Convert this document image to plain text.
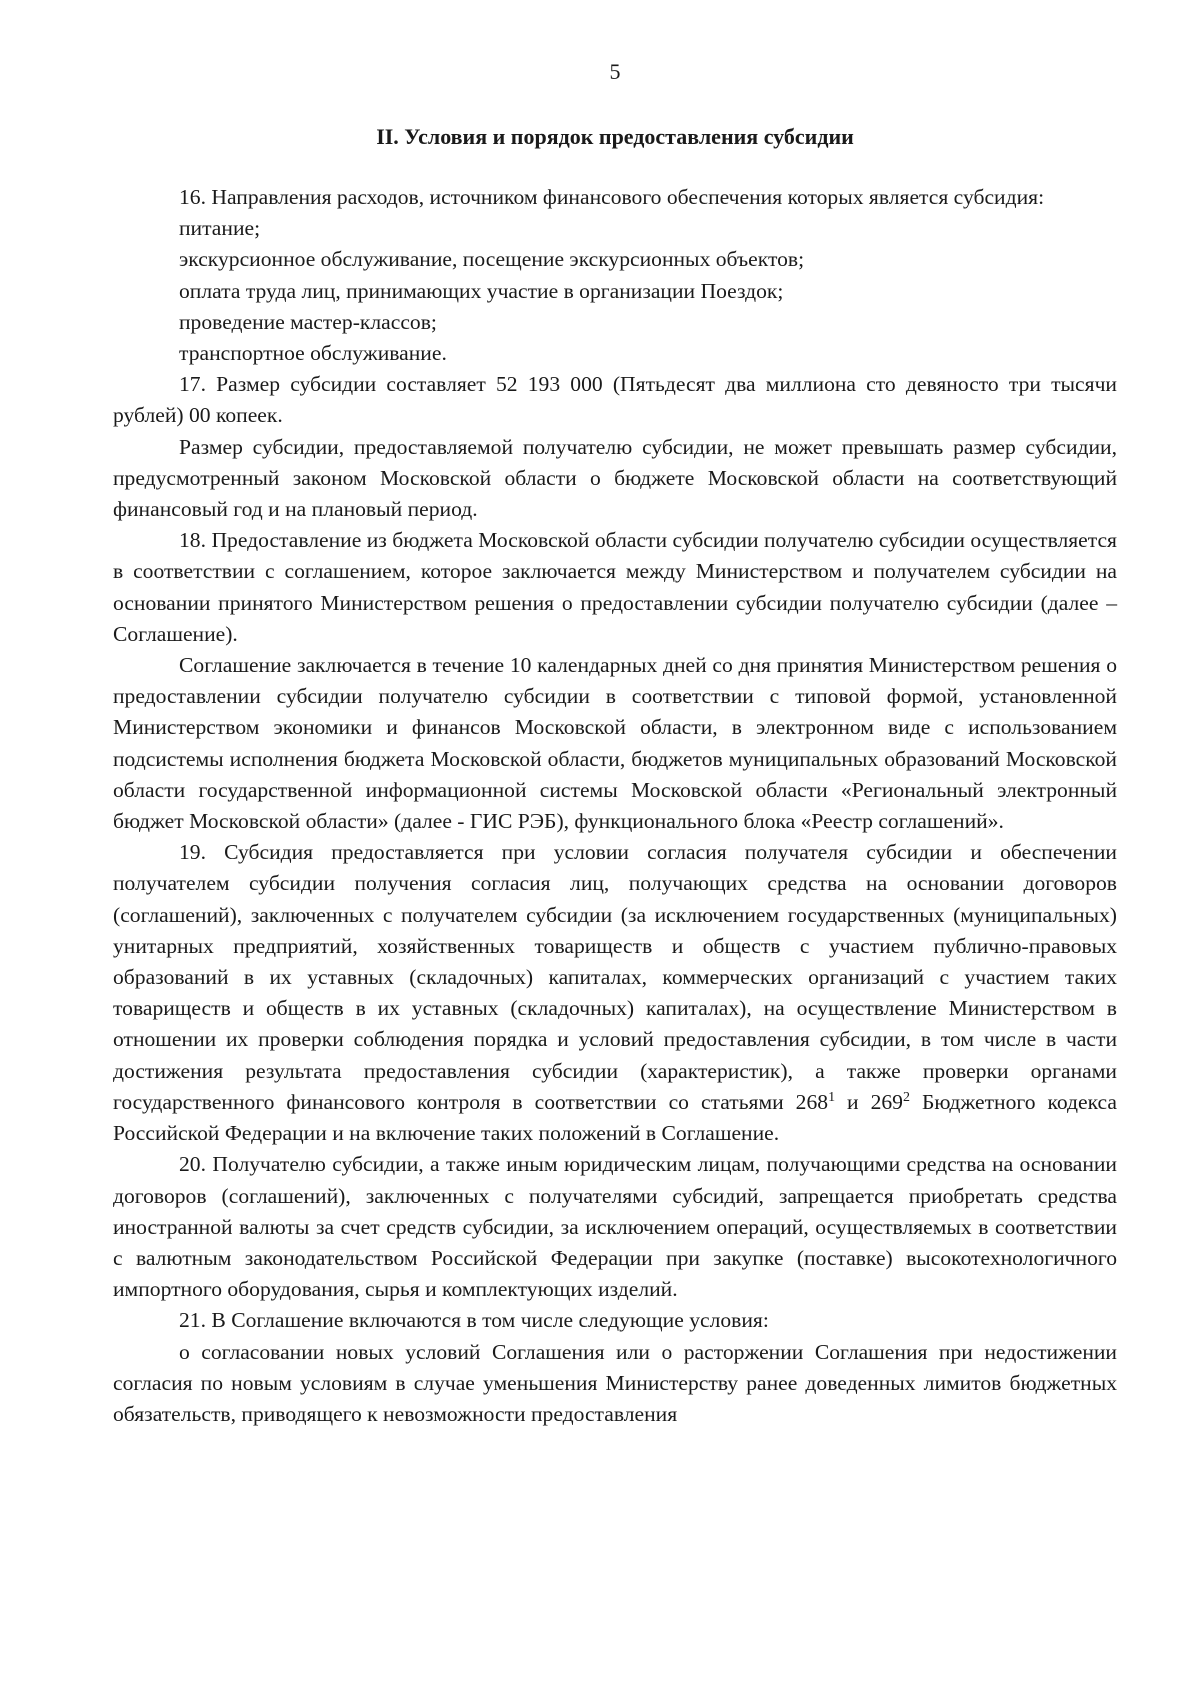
5
II. Условия и порядок предоставления субсидии

16. Направления расходов, источником финансового обеспечения которых является субсидия:

питание;

экскурсионное обслуживание, посещение экскурсионных объектов;

оплата труда лиц, принимающих участие в организации Поездок;

проведение мастер-классов;

транспортное обслуживание.

17. Размер субсидии составляет 52 193 000 (Пятьдесят два миллиона сто девяносто три тысячи рублей) 00 копеек.

Размер субсидии, предоставляемой получателю субсидии, не может превышать размер субсидии, предусмотренный законом Московской области о бюджете Московской области на соответствующий финансовый год и на плановый период.

18. Предоставление из бюджета Московской области субсидии получателю субсидии осуществляется в соответствии с соглашением, которое заключается между Министерством и получателем субсидии на основании принятого Министерством решения о предоставлении субсидии получателю субсидии (далее – Соглашение).

Соглашение заключается в течение 10 календарных дней со дня принятия Министерством решения о предоставлении субсидии получателю субсидии в соответствии с типовой формой, установленной Министерством экономики и финансов Московской области, в электронном виде с использованием подсистемы исполнения бюджета Московской области, бюджетов муниципальных образований Московской области государственной информационной системы Московской области «Региональный электронный бюджет Московской области» (далее - ГИС РЭБ), функционального блока «Реестр соглашений».

19. Субсидия предоставляется при условии согласия получателя субсидии и обеспечении получателем субсидии получения согласия лиц, получающих средства на основании договоров (соглашений), заключенных с получателем субсидии (за исключением государственных (муниципальных) унитарных предприятий, хозяйственных товариществ и обществ с участием публично-правовых образований в их уставных (складочных) капиталах, коммерческих организаций с участием таких товариществ и обществ в их уставных (складочных) капиталах), на осуществление Министерством в отношении их проверки соблюдения порядка и условий предоставления субсидии, в том числе в части достижения результата предоставления субсидии (характеристик), а также проверки органами государственного финансового контроля в соответствии со статьями $268^1$ и $269^2$ Бюджетного кодекса Российской Федерации и на включение таких положений в Соглашение.

20. Получателю субсидии, а также иным юридическим лицам, получающими средства на основании договоров (соглашений), заключенных с получателями субсидий, запрещается приобретать средства иностранной валюты за счет средств субсидии, за исключением операций, осуществляемых в соответствии с валютным законодательством Российской Федерации при закупке (поставке) высокотехнологичного импортного оборудования, сырья и комплектующих изделий.

21. В Соглашение включаются в том числе следующие условия:

о согласовании новых условий Соглашения или о расторжении Соглашения при недостижении согласия по новым условиям в случае уменьшения Министерству ранее доведенных лимитов бюджетных обязательств, приводящего к невозможности предоставления
